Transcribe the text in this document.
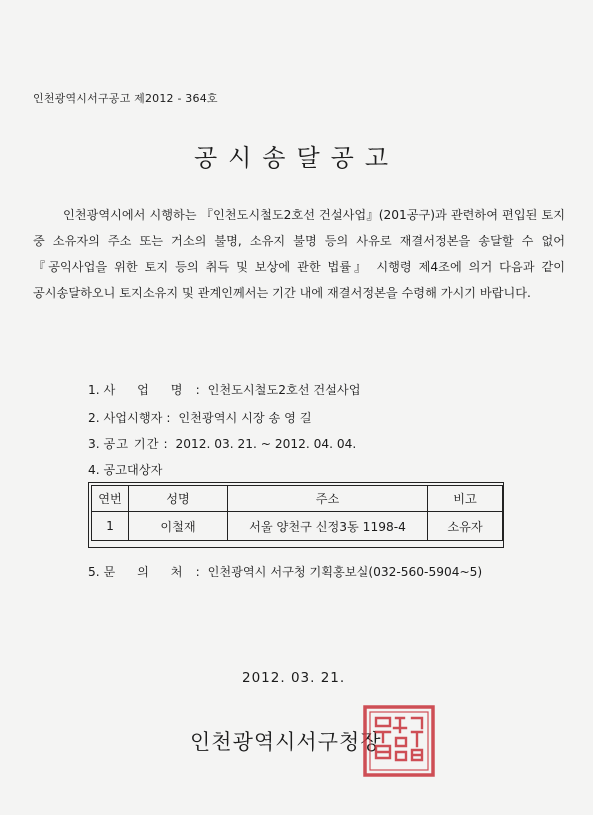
인천광역시서구공고 제2012 - 364호
공시송달공고
인천광역시에서 시행하는 『인천도시철도2호선 건설사업』(201공구)과 관련하여 편입된 토지 중 소유자의 주소 또는 거소의 불명, 소유지 불명 등의 사유로 재결서정본을 송달할 수 없어 『공익사업을 위한 토지 등의 취득 및 보상에 관한 법률』 시행령 제4조에 의거 다음과 같이 공시송달하오니 토지소유지 및 관계인께서는 기간 내에 재결서정본을 수령해 가시기 바랍니다.
1. 사 업 명 : 인천도시철도2호선 건설사업
2. 사업시행자 : 인천광역시 시장 송 영 길
3. 공고 기간 : 2012. 03. 21. ~ 2012. 04. 04.
4. 공고대상자
연번	성명	주소	비고
1	이철재	서울 양천구 신정3동 1198-4	소유자
5. 문 의 처 : 인천광역시 서구청 기획홍보실(032-560-5904~5)
2012. 03. 21.
인천광역시서구청장
